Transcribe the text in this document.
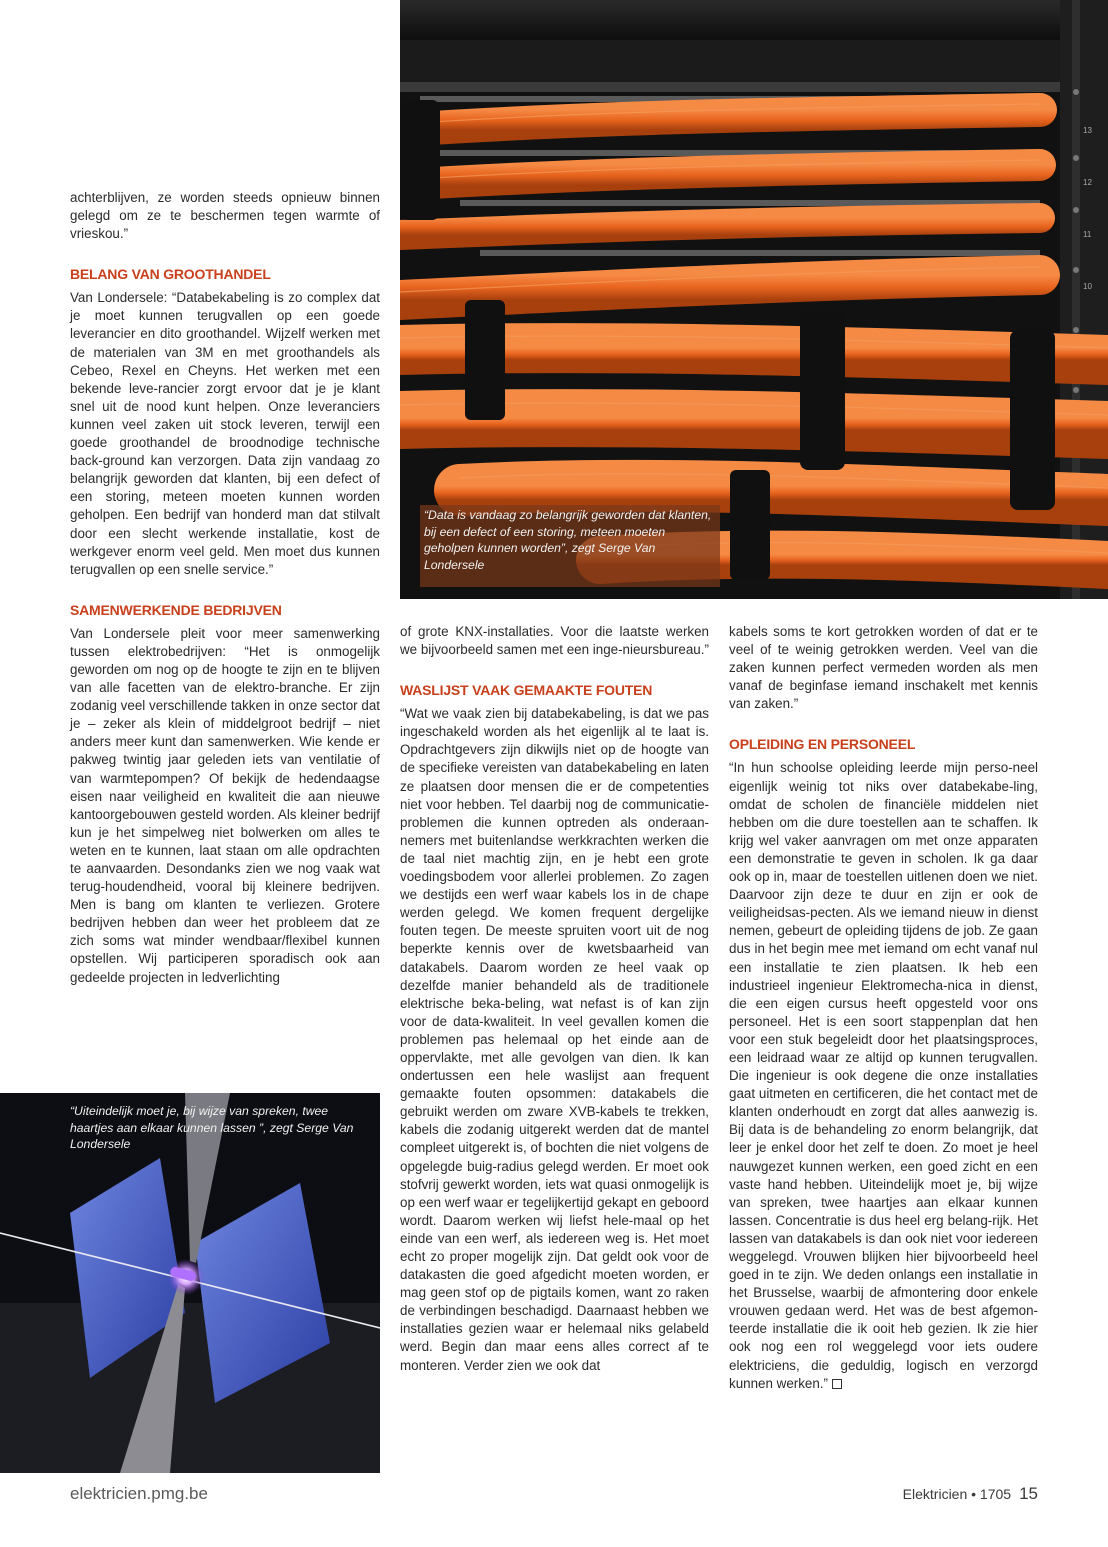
13
12
11
10
“Data is vandaag zo belangrijk geworden dat klanten, bij een defect of een storing, meteen moeten geholpen kunnen worden”, zegt Serge Van Londersele
“Uiteindelijk moet je, bij wijze van spreken, twee haartjes aan elkaar kunnen lassen ”, zegt Serge Van Londersele

achterblijven, ze worden steeds opnieuw binnen gelegd om ze te beschermen tegen warmte of vrieskou.”

BELANG VAN GROOTHANDEL

Van Londersele: “Databekabeling is zo complex dat je moet kunnen terugvallen op een goede leverancier en dito groothandel. Wijzelf werken met de materialen van 3M en met groothandels als Cebeo, Rexel en Cheyns. Het werken met een bekende leve-rancier zorgt ervoor dat je je klant snel uit de nood kunt helpen. Onze leveranciers kunnen veel zaken uit stock leveren, terwijl een goede groothandel de broodnodige technische back-ground kan verzorgen. Data zijn vandaag zo belangrijk geworden dat klanten, bij een defect of een storing, meteen moeten kunnen worden geholpen. Een bedrijf van honderd man dat stilvalt door een slecht werkende installatie, kost de werkgever enorm veel geld. Men moet dus kunnen terugvallen op een snelle service.”

SAMENWERKENDE BEDRIJVEN

Van Londersele pleit voor meer samenwerking tussen elektrobedrijven: “Het is onmogelijk geworden om nog op de hoogte te zijn en te blijven van alle facetten van de elektro-branche. Er zijn zodanig veel verschillende takken in onze sector dat je – zeker als klein of middelgroot bedrijf – niet anders meer kunt dan samenwerken. Wie kende er pakweg twintig jaar geleden iets van ventilatie of van warmtepompen? Of bekijk de hedendaagse eisen naar veiligheid en kwaliteit die aan nieuwe kantoorgebouwen gesteld worden. Als kleiner bedrijf kun je het simpelweg niet bolwerken om alles te weten en te kunnen, laat staan om alle opdrachten te aanvaarden. Desondanks zien we nog vaak wat terug-houdendheid, vooral bij kleinere bedrijven. Men is bang om klanten te verliezen. Grotere bedrijven hebben dan weer het probleem dat ze zich soms wat minder wendbaar/flexibel kunnen opstellen. Wij participeren sporadisch ook aan gedeelde projecten in ledverlichting

of grote KNX-installaties. Voor die laatste werken we bijvoorbeeld samen met een inge-nieursbureau.”

WASLIJST VAAK GEMAAKTE FOUTEN

“Wat we vaak zien bij databekabeling, is dat we pas ingeschakeld worden als het eigenlijk al te laat is. Opdrachtgevers zijn dikwijls niet op de hoogte van de specifieke vereisten van databekabeling en laten ze plaatsen door mensen die er de competenties niet voor hebben. Tel daarbij nog de communicatie-problemen die kunnen optreden als onderaan-nemers met buitenlandse werkkrachten werken die de taal niet machtig zijn, en je hebt een grote voedingsbodem voor allerlei problemen. Zo zagen we destijds een werf waar kabels los in de chape werden gelegd. We komen frequent dergelijke fouten tegen. De meeste spruiten voort uit de nog beperkte kennis over de kwetsbaarheid van datakabels. Daarom worden ze heel vaak op dezelfde manier behandeld als de traditionele elektrische beka-beling, wat nefast is of kan zijn voor de data-kwaliteit. In veel gevallen komen die problemen pas helemaal op het einde aan de oppervlakte, met alle gevolgen van dien. Ik kan ondertussen een hele waslijst aan frequent gemaakte fouten opsommen: datakabels die gebruikt werden om zware XVB-kabels te trekken, kabels die zodanig uitgerekt werden dat de mantel compleet uitgerekt is, of bochten die niet volgens de opgelegde buig-radius gelegd werden. Er moet ook stofvrij gewerkt worden, iets wat quasi onmogelijk is op een werf waar er tegelijkertijd gekapt en geboord wordt. Daarom werken wij liefst hele-maal op het einde van een werf, als iedereen weg is. Het moet echt zo proper mogelijk zijn. Dat geldt ook voor de datakasten die goed afgedicht moeten worden, er mag geen stof op de pigtails komen, want zo raken de verbindingen beschadigd. Daarnaast hebben we installaties gezien waar er helemaal niks gelabeld werd. Begin dan maar eens alles correct af te monteren. Verder zien we ook dat

kabels soms te kort getrokken worden of dat er te veel of te weinig getrokken werden. Veel van die zaken kunnen perfect vermeden worden als men vanaf de beginfase iemand inschakelt met kennis van zaken.”

OPLEIDING EN PERSONEEL

“In hun schoolse opleiding leerde mijn perso-neel eigenlijk weinig tot niks over databekabe-ling, omdat de scholen de financiële middelen niet hebben om die dure toestellen aan te schaffen. Ik krijg wel vaker aanvragen om met onze apparaten een demonstratie te geven in scholen. Ik ga daar ook op in, maar de toestellen uitlenen doen we niet. Daarvoor zijn deze te duur en zijn er ook de veiligheidsas-pecten. Als we iemand nieuw in dienst nemen, gebeurt de opleiding tijdens de job. Ze gaan dus in het begin mee met iemand om echt vanaf nul een installatie te zien plaatsen. Ik heb een industrieel ingenieur Elektromecha-nica in dienst, die een eigen cursus heeft opgesteld voor ons personeel. Het is een soort stappenplan dat hen voor een stuk begeleidt door het plaatsingsproces, een leidraad waar ze altijd op kunnen terugvallen. Die ingenieur is ook degene die onze installaties gaat uitmeten en certificeren, die het contact met de klanten onderhoudt en zorgt dat alles aanwezig is. Bij data is de behandeling zo enorm belangrijk, dat leer je enkel door het zelf te doen. Zo moet je heel nauwgezet kunnen werken, een goed zicht en een vaste hand hebben. Uiteindelijk moet je, bij wijze van spreken, twee haartjes aan elkaar kunnen lassen. Concentratie is dus heel erg belang-rijk. Het lassen van datakabels is dan ook niet voor iedereen weggelegd. Vrouwen blijken hier bijvoorbeeld heel goed in te zijn. We deden onlangs een installatie in het Brusselse, waarbij de afmontering door enkele vrouwen gedaan werd. Het was de best afgemon-teerde installatie die ik ooit heb gezien. Ik zie hier ook nog een rol weggelegd voor iets oudere elektriciens, die geduldig, logisch en verzorgd kunnen werken.”

elektricien.pmg.be	Elektricien • 1705 15
